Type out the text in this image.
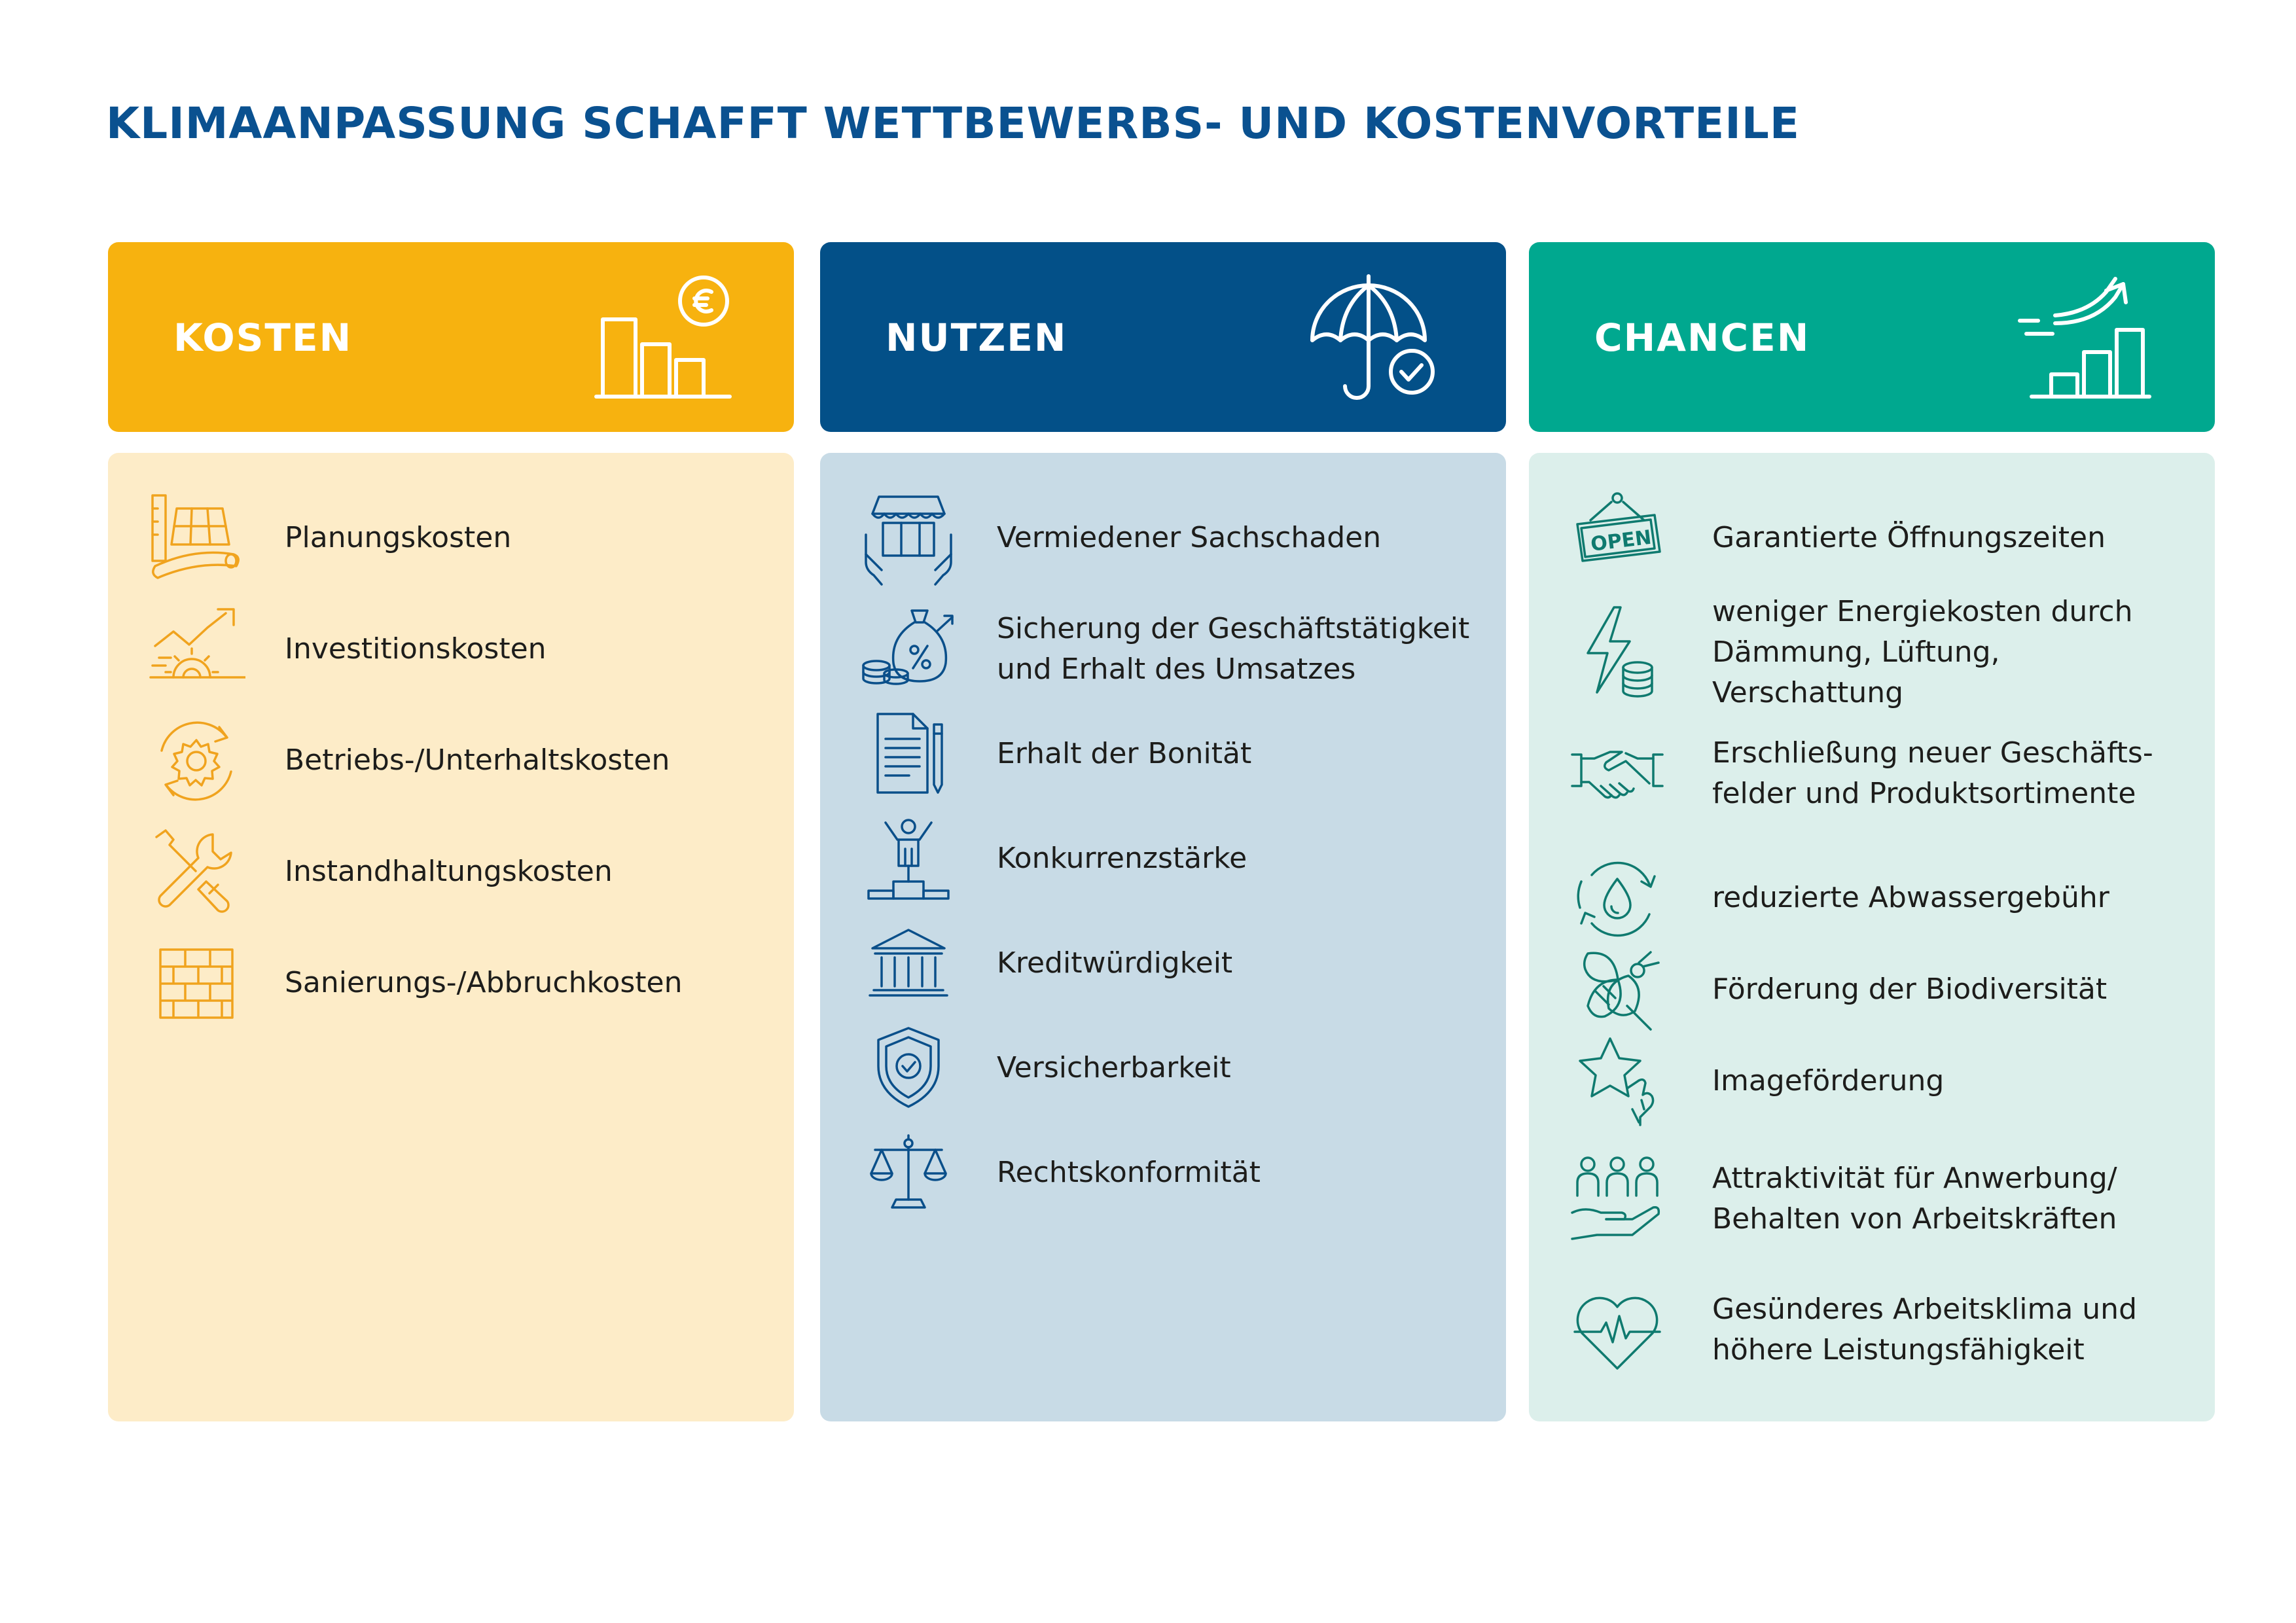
KLIMAANPASSUNG SCHAFFT WETTBEWERBS- UND KOSTENVORTEILE
KOSTEN
Planungskosten
Investitionskosten
Betriebs-/Unterhaltskosten
Instandhaltungskosten
Sanierungs-/Abbruchkosten
NUTZEN
Vermiedener Sachschaden
Sicherung der Geschäftstätigkeit
und Erhalt des Umsatzes
Erhalt der Bonität
Konkurrenzstärke
Kreditwürdigkeit
Versicherbarkeit
Rechtskonformität
CHANCEN
OPEN Garantierte Öffnungszeiten
weniger Energiekosten durch
Dämmung, Lüftung, Verschattung
Erschließung neuer Geschäfts-
felder und Produktsortimente
reduzierte Abwassergebühr
Förderung der Biodiversität
Imageförderung
Attraktivität für Anwerbung/
Behalten von Arbeitskräften
Gesünderes Arbeitsklima und
höhere Leistungsfähigkeit
